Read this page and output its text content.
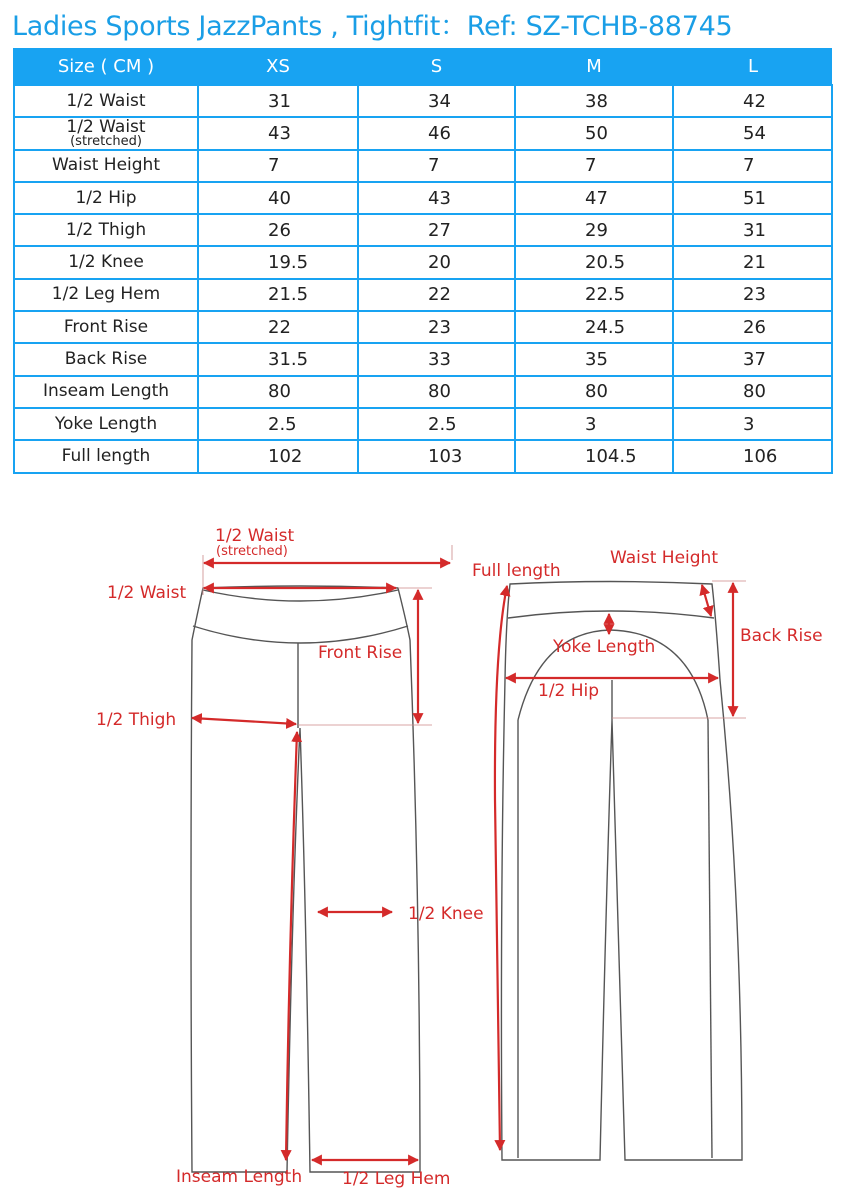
Ladies Sports JazzPants , Tightfit：Ref: SZ-TCHB-88745
Size ( CM )	XS	S	M	L
1/2 Waist	31	34	38	42

1/2 Waist
(stretched)	43	46	50	54
Waist Height	7	7	7	7
1/2 Hip	40	43	47	51
1/2 Thigh	26	27	29	31
1/2 Knee	19.5	20	20.5	21
1/2 Leg Hem	21.5	22	22.5	23
Front Rise	22	23	24.5	26
Back Rise	31.5	33	35	37
Inseam Length	80	80	80	80
Yoke Length	2.5	2.5	3	3
Full length	102	103	104.5	106
1/2 Waist
(stretched)
1/2 Waist
Front Rise
1/2 Thigh
1/2 Knee
Inseam Length 1/2 Leg Hem
Full length
Waist Height
Back Rise
Yoke Length
1/2 Hip
